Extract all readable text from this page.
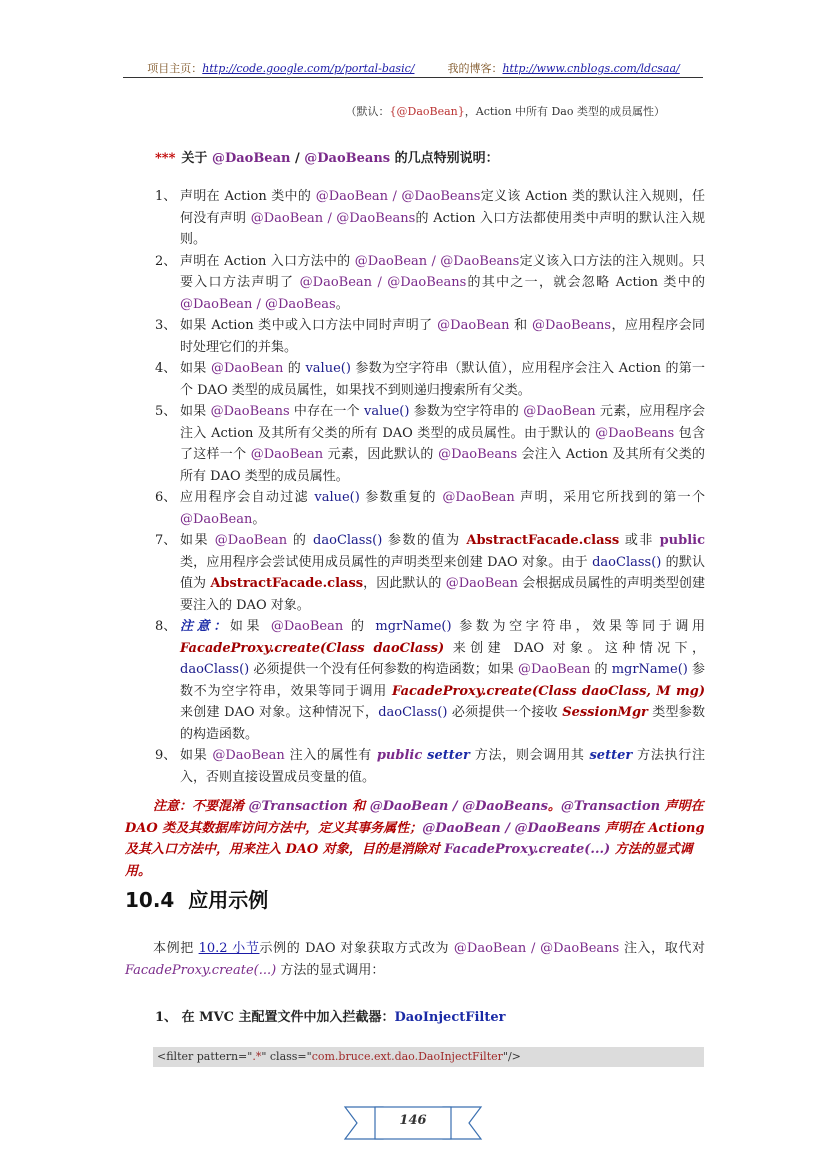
项目主页：http://code.google.com/p/portal-basic/	我的博客：http://www.cnblogs.com/ldcsaa/
（默认：{@DaoBean}，Action 中所有 Dao 类型的成员属性）
*** 关于 @DaoBean / @DaoBeans 的几点特别说明：
1、 声明在 Action 类中的 @DaoBean / @DaoBeans定义该 Action 类的默认注入规则，任何没有声明 @DaoBean / @DaoBeans的 Action 入口方法都使用类中声明的默认注入规则。
2、 声明在 Action 入口方法中的 @DaoBean / @DaoBeans定义该入口方法的注入规则。只要入口方法声明了 @DaoBean / @DaoBeans的其中之一，就会忽略 Action 类中的 @DaoBean / @DaoBeas。
3、 如果 Action 类中或入口方法中同时声明了 @DaoBean 和 @DaoBeans，应用程序会同时处理它们的并集。
4、 如果 @DaoBean 的 value() 参数为空字符串（默认值），应用程序会注入 Action 的第一个 DAO 类型的成员属性，如果找不到则递归搜索所有父类。
5、 如果 @DaoBeans 中存在一个 value() 参数为空字符串的 @DaoBean 元素，应用程序会注入 Action 及其所有父类的所有 DAO 类型的成员属性。由于默认的 @DaoBeans 包含了这样一个 @DaoBean 元素，因此默认的 @DaoBeans 会注入 Action 及其所有父类的所有 DAO 类型的成员属性。
6、 应用程序会自动过滤 value() 参数重复的 @DaoBean 声明，采用它所找到的第一个 @DaoBean。
7、 如果 @DaoBean 的 daoClass() 参数的值为 AbstractFacade.class 或非 public 类，应用程序会尝试使用成员属性的声明类型来创建 DAO 对象。由于 daoClass() 的默认值为 AbstractFacade.class，因此默认的 @DaoBean 会根据成员属性的声明类型创建要注入的 DAO 对象。
8、 注意：如果 @DaoBean 的 mgrName() 参数为空字符串，效果等同于调用 FacadeProxy.create(Class daoClass) 来创建 DAO 对象。这种情况下，daoClass() 必须提供一个没有任何参数的构造函数；如果 @DaoBean 的 mgrName() 参数不为空字符串，效果等同于调用 FacadeProxy.create(Class daoClass, M mg) 来创建 DAO 对象。这种情况下，daoClass() 必须提供一个接收 SessionMgr 类型参数的构造函数。
9、 如果 @DaoBean 注入的属性有 public setter 方法，则会调用其 setter 方法执行注入，否则直接设置成员变量的值。
注意：不要混淆 @Transaction 和 @DaoBean / @DaoBeans。@Transaction 声明在 DAO 类及其数据库访问方法中，定义其事务属性；@DaoBean / @DaoBeans 声明在 Actiong 及其入口方法中，用来注入 DAO 对象，目的是消除对 FacadeProxy.create(...) 方法的显式调用。
10.4 应用示例
本例把 10.2 小节示例的 DAO 对象获取方式改为 @DaoBean / @DaoBeans 注入，取代对 FacadeProxy.create(...) 方法的显式调用：
1、 在 MVC 主配置文件中加入拦截器：DaoInjectFilter
<filter pattern=".*" class="com.bruce.ext.dao.DaoInjectFilter"/>
146
